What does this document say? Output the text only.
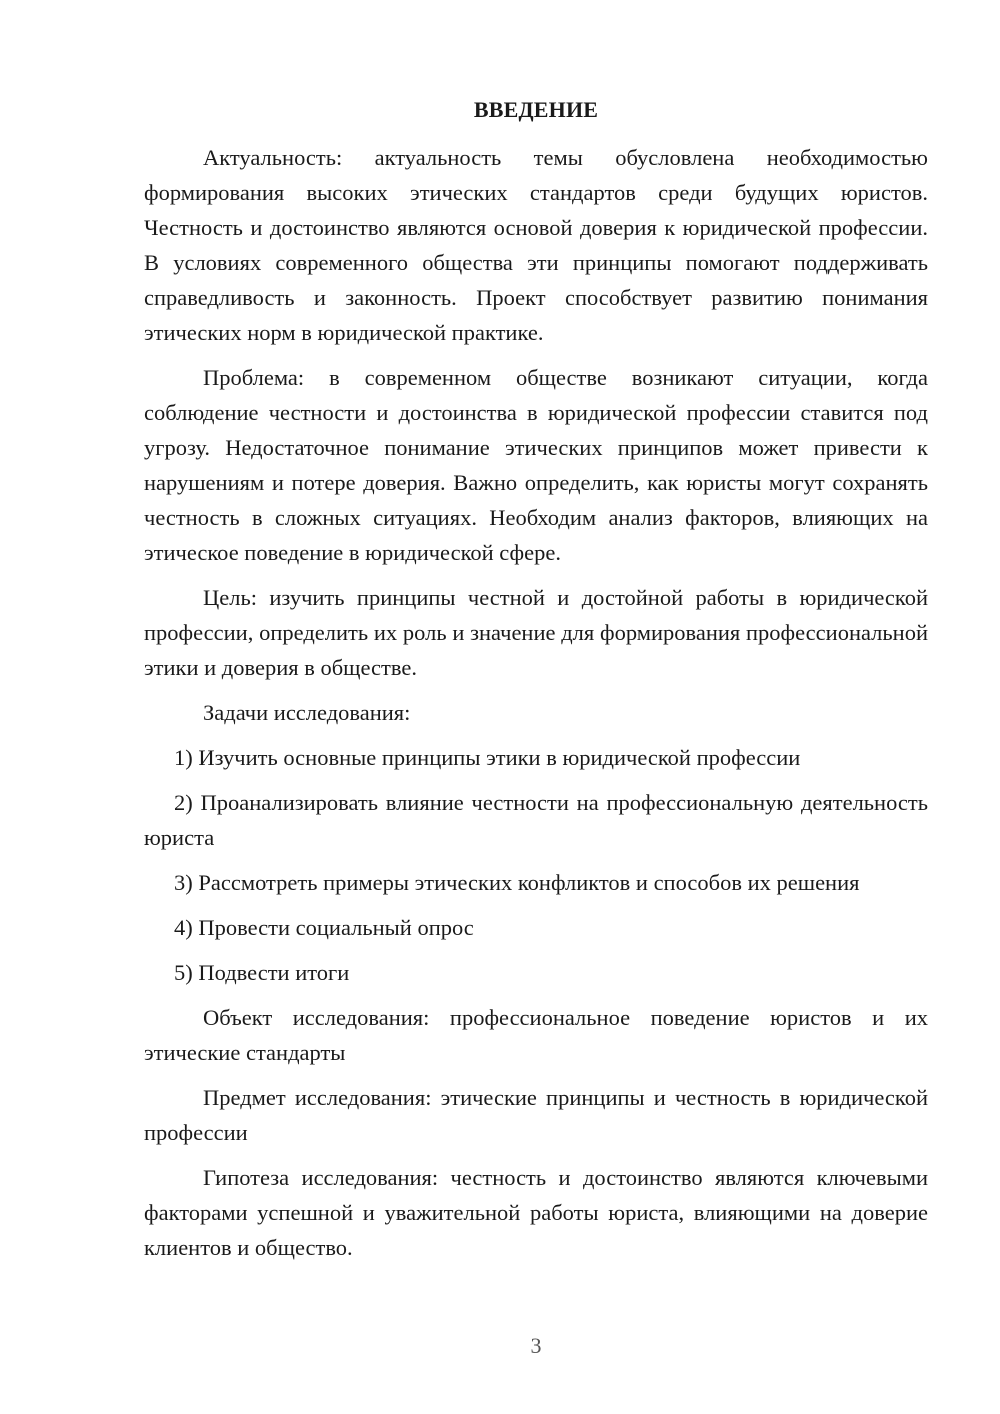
ВВЕДЕНИЕ

Актуальность: актуальность темы обусловлена необходимостью формирования высоких этических стандартов среди будущих юристов. Честность и достоинство являются основой доверия к юридической профессии. В условиях современного общества эти принципы помогают поддерживать справедливость и законность. Проект способствует развитию понимания этических норм в юридической практике.

Проблема: в современном обществе возникают ситуации, когда соблюдение честности и достоинства в юридической профессии ставится под угрозу. Недостаточное понимание этических принципов может привести к нарушениям и потере доверия. Важно определить, как юристы могут сохранять честность в сложных ситуациях. Необходим анализ факторов, влияющих на этическое поведение в юридической сфере.

Цель: изучить принципы честной и достойной работы в юридической профессии, определить их роль и значение для формирования профессиональной этики и доверия в обществе.

Задачи исследования:

1) Изучить основные принципы этики в юридической профессии

2) Проанализировать влияние честности на профессиональную деятельность юриста

3) Рассмотреть примеры этических конфликтов и способов их решения

4) Провести социальный опрос

5) Подвести итоги

Объект исследования: профессиональное поведение юристов и их этические стандарты

Предмет исследования: этические принципы и честность в юридической профессии

Гипотеза исследования: честность и достоинство являются ключевыми факторами успешной и уважительной работы юриста, влияющими на доверие клиентов и общество.

3
